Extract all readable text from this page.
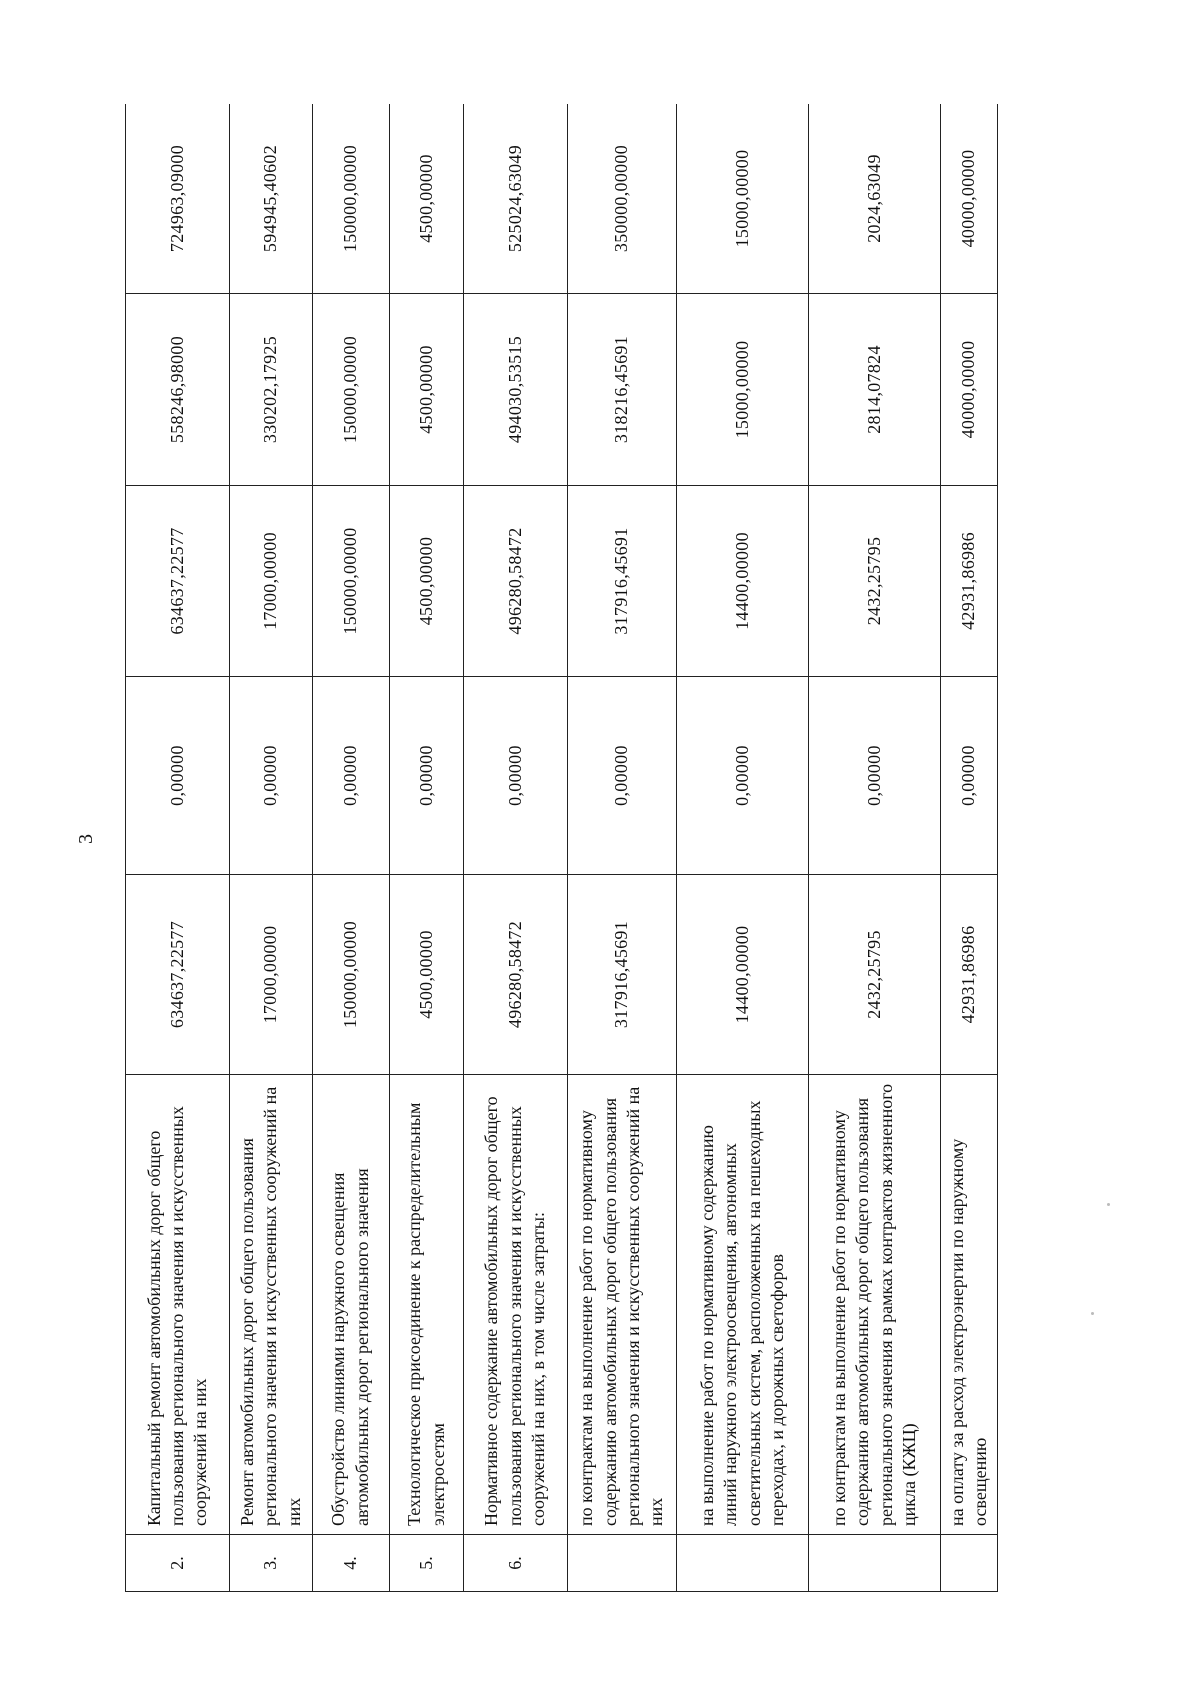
3
2.	Капитальный ремонт автомобильных дорог общего пользования регионального значения и искусственных сооружений на них	634637,22577	0,00000	634637,22577	558246,98000	724963,09000
3.	Ремонт автомобильных дорог общего пользования регионального значения и искусственных сооружений на них	17000,00000	0,00000	17000,00000	330202,17925	594945,40602
4.	Обустройство линиями наружного освещения автомобильных дорог регионального значения	150000,00000	0,00000	150000,00000	150000,00000	150000,00000
5.	Технологическое присоединение к распределительным электросетям	4500,00000	0,00000	4500,00000	4500,00000	4500,00000
6.	Нормативное содержание автомобильных дорог общего пользования регионального значения и искусственных сооружений на них, в том числе затраты:	496280,58472	0,00000	496280,58472	494030,53515	525024,63049
	по контрактам на выполнение работ по нормативному содержанию автомобильных дорог общего пользования регионального значения и искусственных сооружений на них	317916,45691	0,00000	317916,45691	318216,45691	350000,00000
	на выполнение работ по нормативному содержанию линий наружного электроосвещения, автономных осветительных систем, расположенных на пешеходных переходах, и дорожных светофоров	14400,00000	0,00000	14400,00000	15000,00000	15000,00000
	по контрактам на выполнение работ по нормативному содержанию автомобильных дорог общего пользования регионального значения в рамках контрактов жизненного цикла (КЖЦ)	2432,25795	0,00000	2432,25795	2814,07824	2024,63049
	на оплату за расход электроэнергии по наружному освещению	42931,86986	0,00000	42931,86986	40000,00000	40000,00000
